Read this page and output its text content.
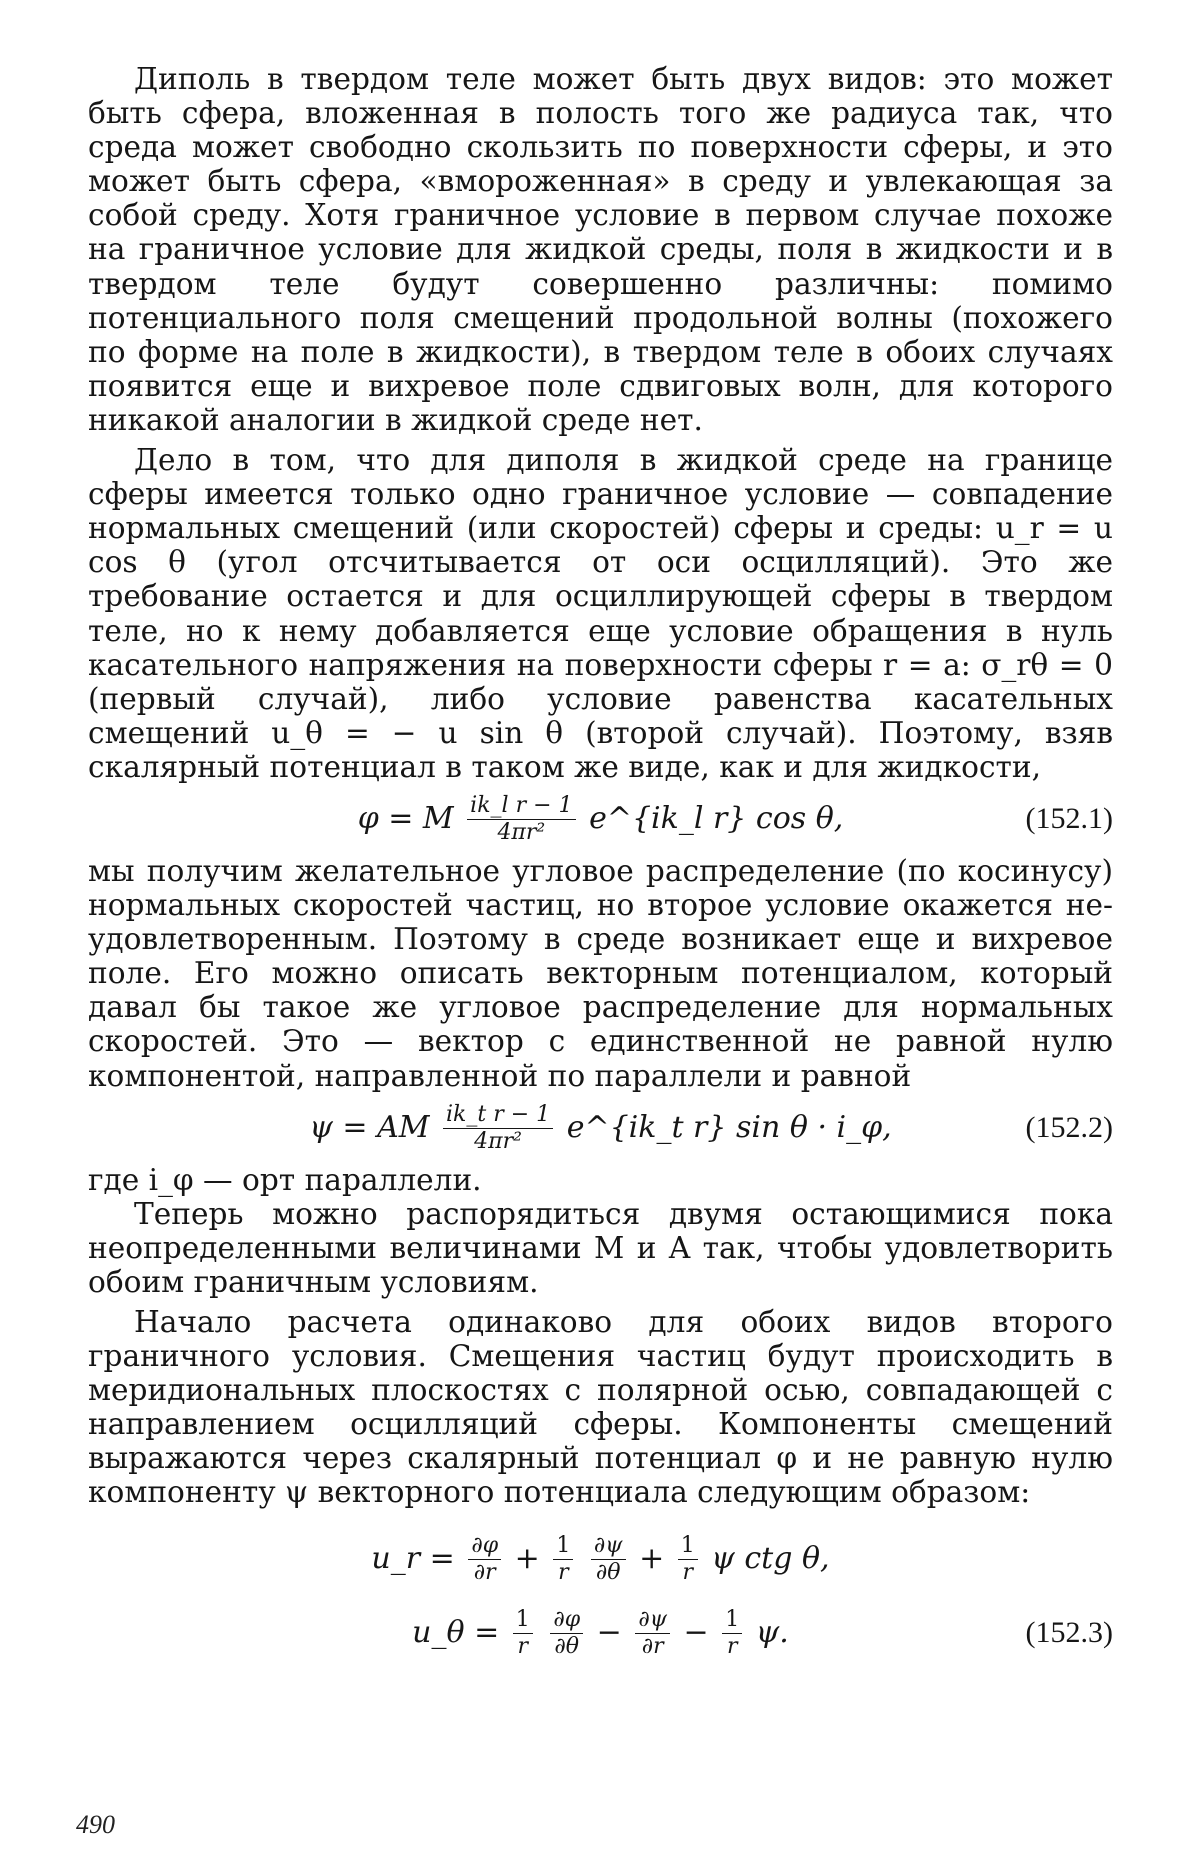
Диполь в твердом теле может быть двух видов: это может быть сфера, вложенная в полость того же радиуса так, что среда может свободно скользить по поверхности сферы, и это может быть сфера, «вмороженная» в среду и увлекающая за собой среду. Хотя граничное условие в первом случае похоже на граничное условие для жидкой среды, поля в жидкости и в твердом теле будут совершенно различны: помимо потенциального поля смещений продольной волны (похожего по форме на поле в жидкости), в твердом теле в обоих случаях появится еще и вихревое поле сдвиговых волн, для которого никакой аналогии в жидкой среде нет.

Дело в том, что для диполя в жидкой среде на границе сферы имеется только одно граничное условие — совпадение нормальных смещений (или скоростей) сферы и среды: u_r = u cos θ (угол отсчитывается от оси осцилляций). Это же требование остается и для осциллирующей сферы в твердом теле, но к нему добавляется еще условие обращения в нуль касательного напряжения на поверхности сферы r = a: σ_rθ = 0 (первый случай), либо условие равенства касательных смещений u_θ = − u sin θ (второй случай). Поэтому, взяв скалярный потенциал в таком же виде, как и для жидкости,

φ = M $\frac{\text{ik\_l r − 1}}{\text{4πr²}}$ e^{ik_l r} cos θ,	(152.1)

мы получим желательное угловое распределение (по косинусу) нормальных скоростей частиц, но второе условие окажется неудовлетворенным. Поэтому в среде возникает еще и вихревое поле. Его можно описать векторным потенциалом, который давал бы такое же угловое распределение для нормальных скоростей. Это — вектор с единственной не равной нулю компонентой, направленной по параллели и равной

ψ = AM $\frac{\text{ik\_t r − 1}}{\text{4πr²}}$ e^{ik_t r} sin θ · i_φ,	(152.2)

где i_φ — орт параллели.

Теперь можно распорядиться двумя остающимися пока неопределенными величинами M и A так, чтобы удовлетворить обоим граничным условиям.

Начало расчета одинаково для обоих видов второго граничного условия. Смещения частиц будут происходить в меридиональных плоскостях с полярной осью, совпадающей с направлением осцилляций сферы. Компоненты смещений выражаются через скалярный потенциал φ и не равную нулю компоненту ψ векторного потенциала следующим образом:

u_r = $\frac{\partial\varphi}{\partial r} + \frac{1}{r}$
$\frac{\partial\psi}{\partial\theta} + \frac{1}{r}$ ψ ctg θ,
u_θ = $\frac{1}{r}$
$\frac{\partial\varphi}{\partial\theta} - \frac{\partial\psi}{\partial r} - \frac{1}{r} \psi$.	(152.3)
490
